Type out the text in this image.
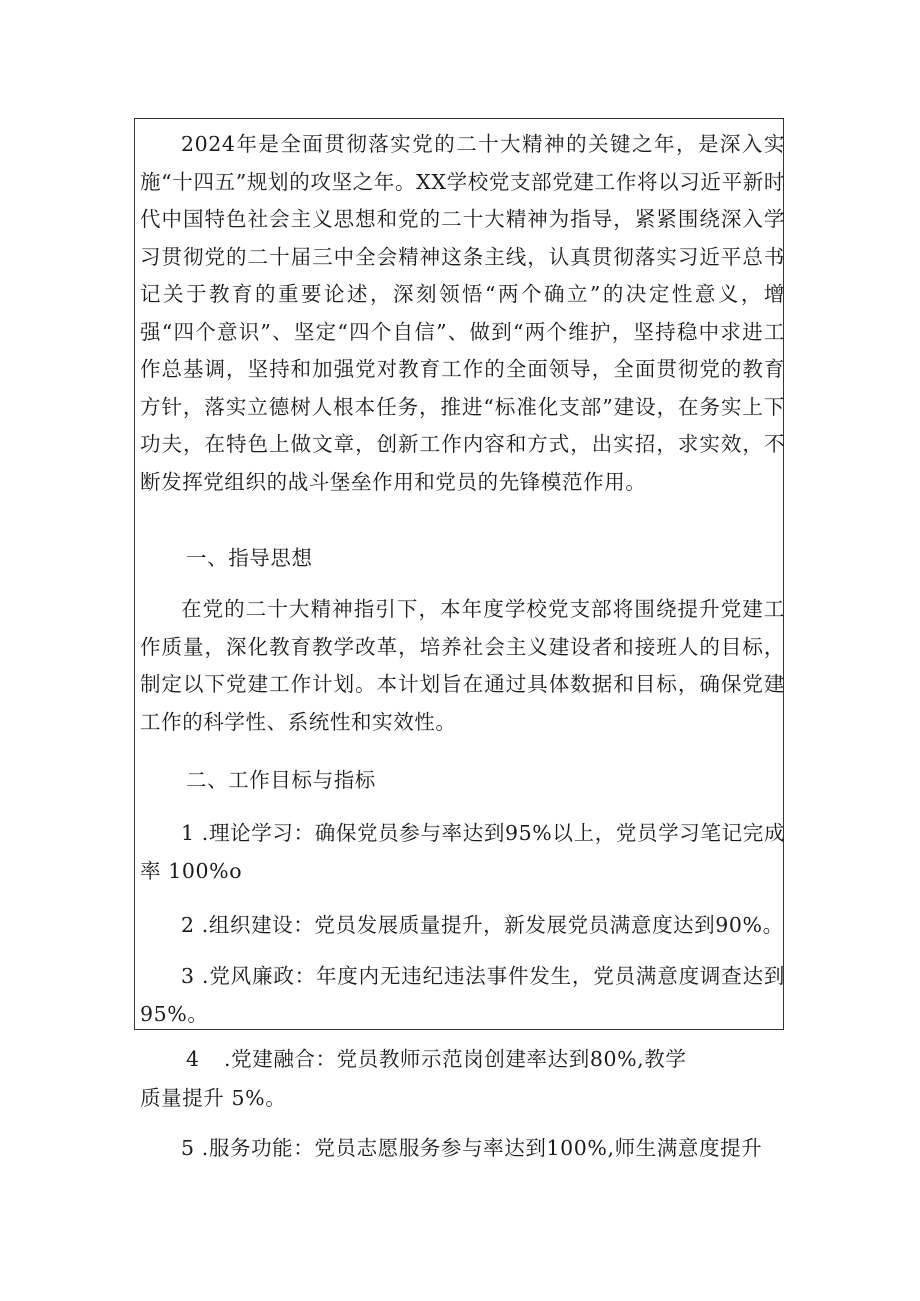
2024年是全面贯彻落实党的二十大精神的关键之年，是深入实施“十四五”规划的攻坚之年。XX学校党支部党建工作将以习近平新时代中国特色社会主义思想和党的二十大精神为指导，紧紧围绕深入学习贯彻党的二十届三中全会精神这条主线，认真贯彻落实习近平总书记关于教育的重要论述，深刻领悟“两个确立”的决定性意义，增强“四个意识”、坚定“四个自信”、做到“两个维护，坚持稳中求进工作总基调，坚持和加强党对教育工作的全面领导，全面贯彻党的教育方针，落实立德树人根本任务，推进“标准化支部”建设，在务实上下功夫，在特色上做文章，创新工作内容和方式，出实招，求实效，不断发挥党组织的战斗堡垒作用和党员的先锋模范作用。

一、指导思想

在党的二十大精神指引下，本年度学校党支部将围绕提升党建工作质量，深化教育教学改革，培养社会主义建设者和接班人的目标，制定以下党建工作计划。本计划旨在通过具体数据和目标，确保党建工作的科学性、系统性和实效性。

二、工作目标与指标

1 .理论学习：确保党员参与率达到95%以上，党员学习笔记完成率 100%o

2 .组织建设：党员发展质量提升，新发展党员满意度达到90%。

3 .党风廉政：年度内无违纪违法事件发生，党员满意度调查达到95%。

4 .党建融合：党员教师示范岗创建率达到80%,教学
质量提升 5%。

5 .服务功能：党员志愿服务参与率达到100%,师生满意度提升
